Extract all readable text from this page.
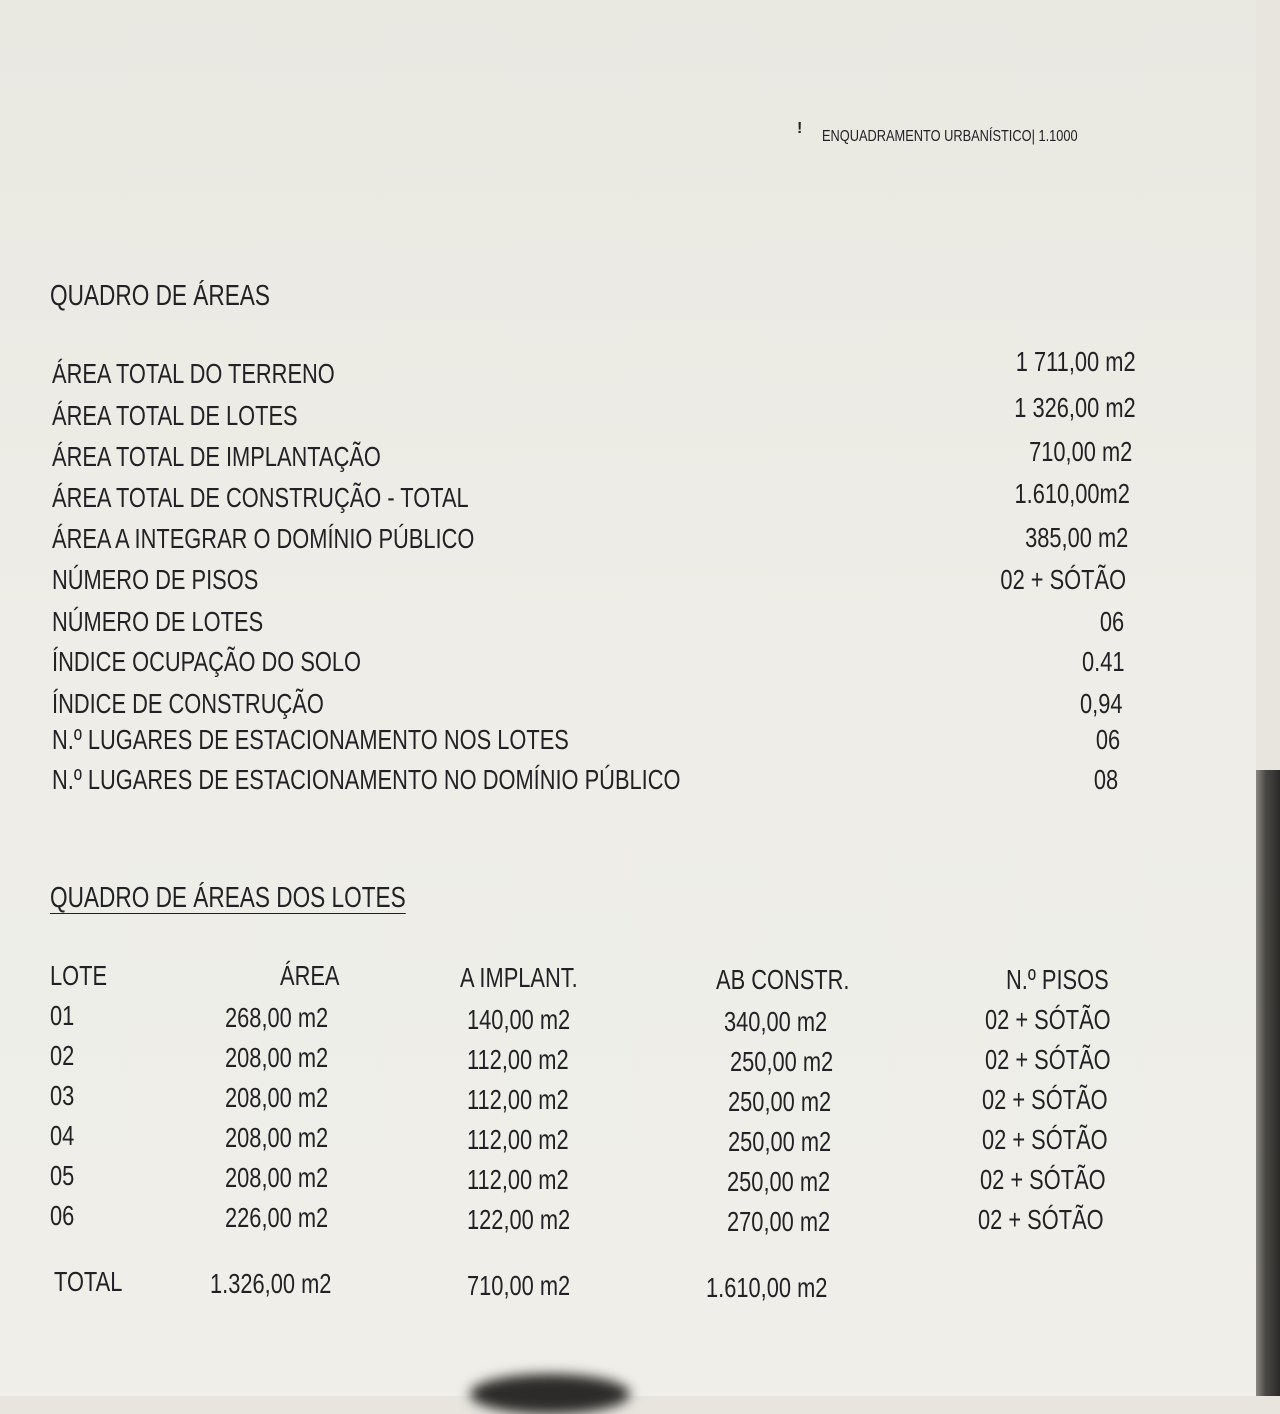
! ENQUADRAMENTO URBANÍSTICO| 1.1000
QUADRO DE ÁREAS
ÁREA TOTAL DO TERRENO	1 711,00 m2
ÁREA TOTAL DE LOTES	1 326,00 m2
ÁREA TOTAL DE IMPLANTAÇÃO	710,00 m2
ÁREA TOTAL DE CONSTRUÇÃO - TOTAL	1.610,00m2
ÁREA A INTEGRAR O DOMÍNIO PÚBLICO	385,00 m2
NÚMERO DE PISOS	02 + SÓTÃO
NÚMERO DE LOTES	06
ÍNDICE OCUPAÇÃO DO SOLO	0.41
ÍNDICE DE CONSTRUÇÃO	0,94
N.º LUGARES DE ESTACIONAMENTO NOS LOTES	06
N.º LUGARES DE ESTACIONAMENTO NO DOMÍNIO PÚBLICO	08
QUADRO DE ÁREAS DOS LOTES
LOTE	ÁREA	A IMPLANT.	AB CONSTR.	N.º PISOS
01	268,00 m2	140,00 m2	340,00 m2	02 + SÓTÃO
02	208,00 m2	112,00 m2	250,00 m2	02 + SÓTÃO
03	208,00 m2	112,00 m2	250,00 m2	02 + SÓTÃO
04	208,00 m2	112,00 m2	250,00 m2	02 + SÓTÃO
05	208,00 m2	112,00 m2	250,00 m2	02 + SÓTÃO
06	226,00 m2	122,00 m2	270,00 m2	02 + SÓTÃO
TOTAL	1.326,00 m2	710,00 m2	1.610,00 m2
